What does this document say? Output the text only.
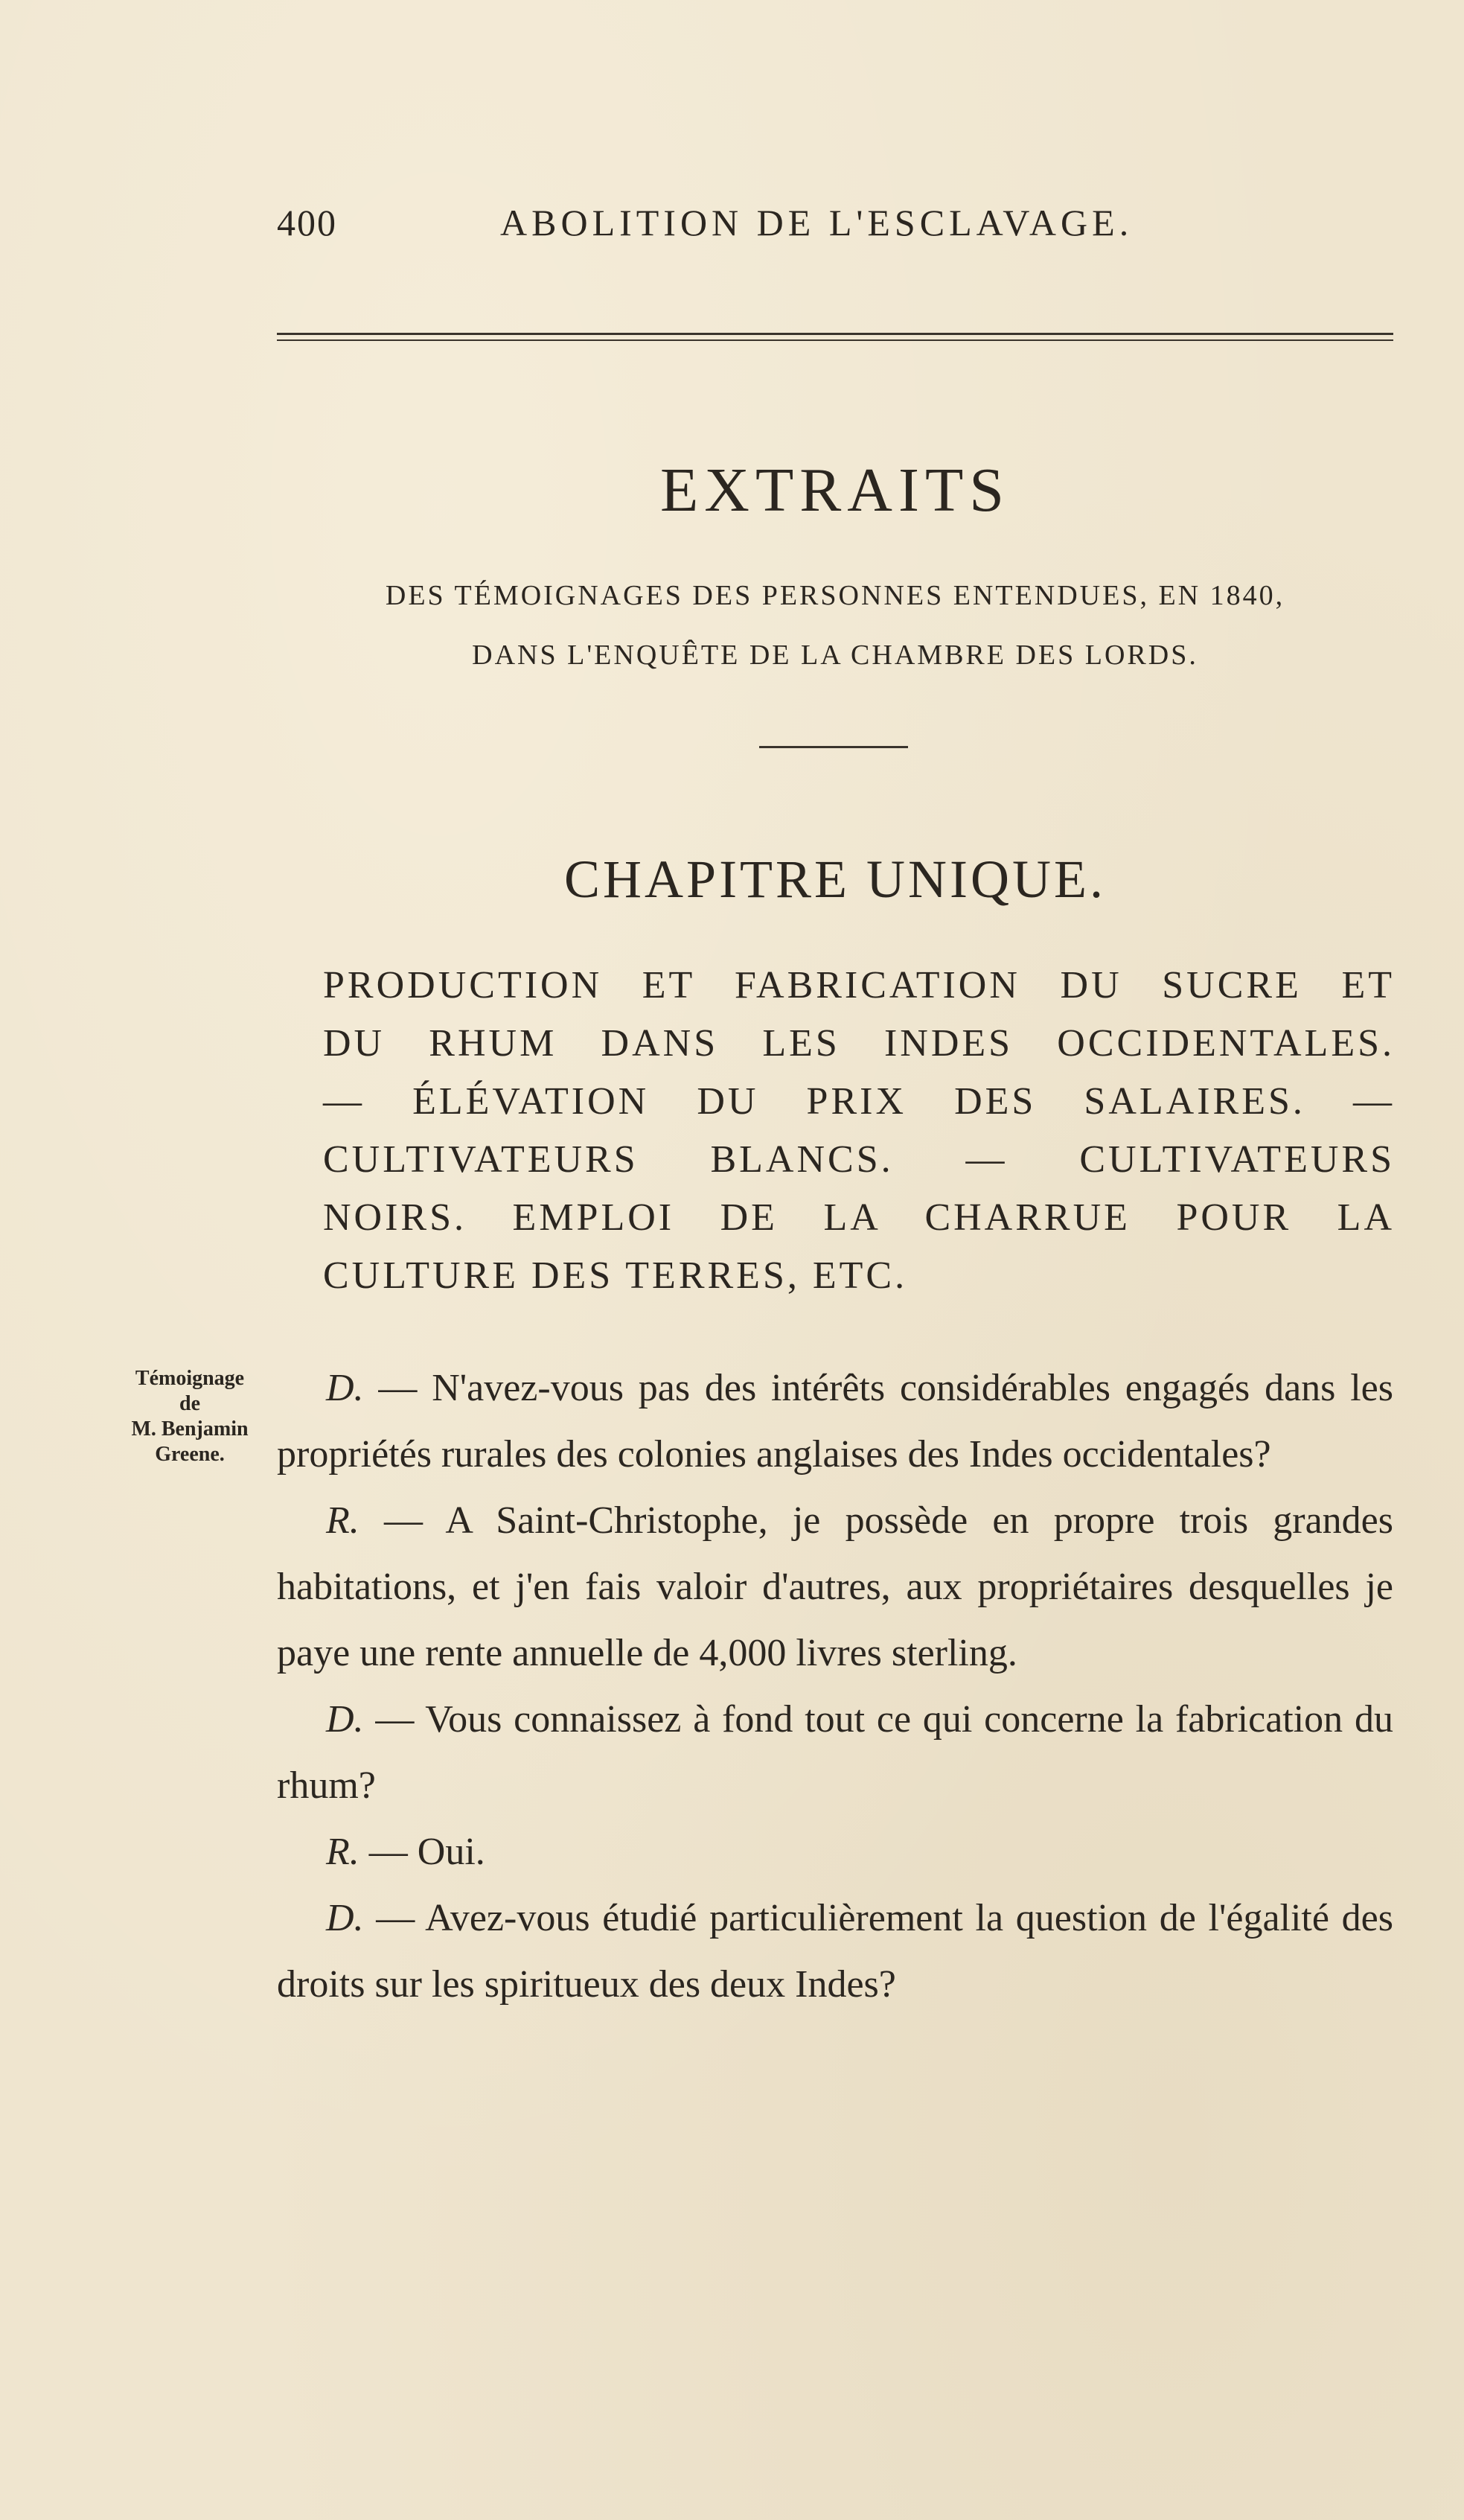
400	ABOLITION DE L'ESCLAVAGE.
EXTRAITS
DES TÉMOIGNAGES DES PERSONNES ENTENDUES, EN 1840,
DANS L'ENQUÊTE DE LA CHAMBRE DES LORDS.
CHAPITRE UNIQUE.
PRODUCTION ET FABRICATION DU SUCRE ET
DU RHUM DANS LES INDES OCCIDENTALES.
— ÉLÉVATION DU PRIX DES SALAIRES. —
CULTIVATEURS BLANCS. — CULTIVATEURS
NOIRS. EMPLOI DE LA CHARRUE POUR LA
CULTURE DES TERRES, ETC.
Témoignage
de
M. Benjamin
Greene.

D. — N'avez-vous pas des intérêts considérables engagés dans les propriétés rurales des colonies anglaises des Indes occidentales?

R. — A Saint-Christophe, je possède en propre trois grandes habitations, et j'en fais valoir d'autres, aux propriétaires desquelles je paye une rente annuelle de 4,000 livres sterling.

D. — Vous connaissez à fond tout ce qui concerne la fabrication du rhum?

R. — Oui.

D. — Avez-vous étudié particulièrement la question de l'égalité des droits sur les spiritueux des deux Indes?
